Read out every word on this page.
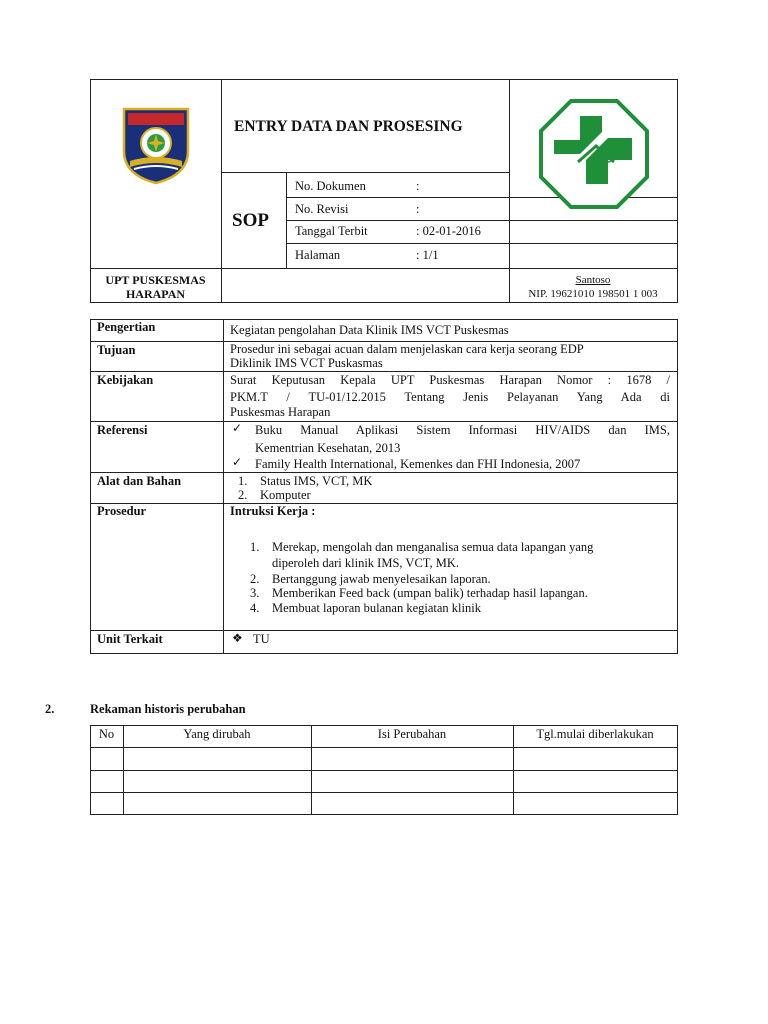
ENTRY DATA DAN PROSESING
SOP
No. Dokumen	:
No. Revisi	:
Tanggal Terbit	: 02-01-2016
Halaman	: 1/1
UPT PUSKESMAS
HARAPAN
Santoso
NIP. 19621010 198501 1 003
Pengertian	Kegiatan pengolahan Data Klinik IMS VCT Puskesmas
Tujuan	Prosedur ini sebagai acuan dalam menjelaskan cara kerja seorang EDP
Diklinik IMS VCT Puskasmas
Kebijakan	Surat Keputusan Kepala UPT Puskesmas Harapan Nomor : 1678 /
PKM.T / TU-01/12.2015 Tentang Jenis Pelayanan Yang Ada di
Puskesmas Harapan
Referensi	✓ Buku Manual Aplikasi Sistem Informasi HIV/AIDS dan IMS,
Kementrian Kesehatan, 2013
✓ Family Health International, Kemenkes dan FHI Indonesia, 2007
Alat dan Bahan	1. Status IMS, VCT, MK
2. Komputer
Prosedur	Intruksi Kerja :
1. Merekap, mengolah dan menganalisa semua data lapangan yang
diperoleh dari klinik IMS, VCT, MK.
2. Bertanggung jawab menyelesaikan laporan.
3. Memberikan Feed back (umpan balik) terhadap hasil lapangan.
4. Membuat laporan bulanan kegiatan klinik
Unit Terkait	❖ TU
2.	Rekaman historis perubahan
No	Yang dirubah	Isi Perubahan	Tgl.mulai diberlakukan
